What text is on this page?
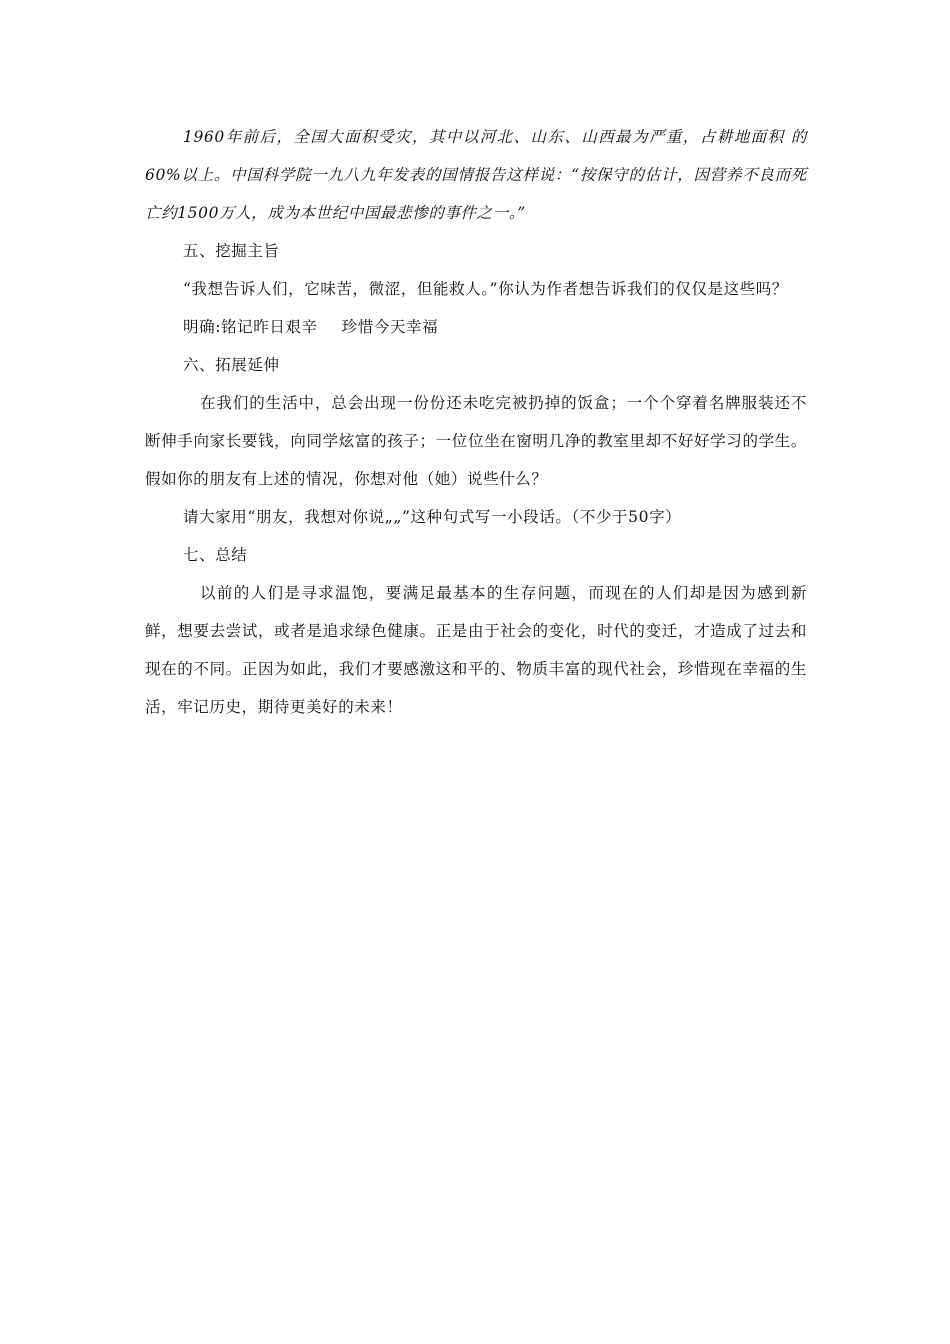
1960年前后，全国大面积受灾，其中以河北、山东、山西最为严重，占耕地面积 的60%以上。中国科学院一九八九年发表的国情报告这样说：“按保守的估计，因营养不良而死亡约1500万人，成为本世纪中国最悲惨的事件之一。”

五、挖掘主旨

“我想告诉人们，它味苦，微涩，但能救人。”你认为作者想告诉我们的仅仅是这些吗？

明确:铭记昨日艰辛 珍惜今天幸福

六、拓展延伸

在我们的生活中，总会出现一份份还未吃完被扔掉的饭盒；一个个穿着名牌服装还不断伸手向家长要钱，向同学炫富的孩子；一位位坐在窗明几净的教室里却不好好学习的学生。假如你的朋友有上述的情况，你想对他（她）说些什么？

请大家用“朋友，我想对你说„„”这种句式写一小段话。（不少于50字）

七、总结

以前的人们是寻求温饱，要满足最基本的生存问题，而现在的人们却是因为感到新鲜，想要去尝试，或者是追求绿色健康。正是由于社会的变化，时代的变迁，才造成了过去和现在的不同。正因为如此，我们才要感激这和平的、物质丰富的现代社会，珍惜现在幸福的生活，牢记历史，期待更美好的未来！
